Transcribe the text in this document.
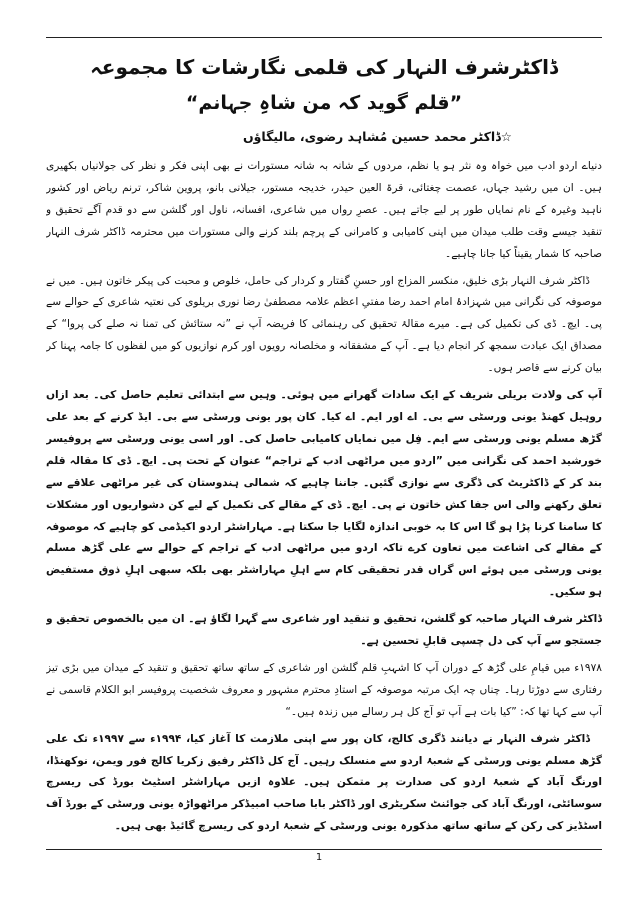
ڈاکٹرشرف النہار کی قلمی نگارشات کا مجموعہ
”قلم گوید کہ من شاہِ جہانم“
☆ڈاکٹر محمد حسین مُشاہد رضوی، مالیگاؤں

دنیاے اردو ادب میں خواہ وہ نثر ہو یا نظم، مردوں کے شانہ بہ شانہ مستورات نے بھی اپنی فکر و نظر کی جولانیاں بکھیری ہیں۔ ان میں رشید جہاں، عصمت چغتائی، قرۃ العین حیدر، خدیجہ مستور، جیلانی بانو، پروین شاکر، ترنم ریاض اور کشور ناہید وغیرہ کے نام نمایاں طور پر لیے جاتے ہیں۔ عصرِ رواں میں شاعری، افسانہ، ناول اور گلشن سے دو قدم آگے تحقیق و تنقید جیسے وقت طلب میدان میں اپنی کامیابی و کامرانی کے پرچم بلند کرنے والی مستورات میں محترمہ ڈاکٹر شرف النہار صاحبہ کا شمار یقیناً کیا جانا چاہیے۔

ڈاکٹر شرف النہار بڑی خلیق، منکسر المزاج اور حسنِ گفتار و کردار کی حامل، خلوص و محبت کی پیکر خاتون ہیں۔ میں نے موصوفہ کی نگرانی میں شہزادۂ امام احمد رضا مفتیِ اعظم علامہ مصطفیٰ رضا نوری بریلوی کی نعتیہ شاعری کے حوالے سے پی۔ ایچ۔ ڈی کی تکمیل کی ہے۔ میرے مقالۂ تحقیق کی رہنمائی کا فریضہ آپ نے ”نہ ستائش کی تمنا نہ صلے کی پروا“ کے مصداق ایک عبادت سمجھ کر انجام دیا ہے۔ آپ کے مشفقانہ و مخلصانہ رویوں اور کرم نوازیوں کو میں لفظوں کا جامہ پہنا کر بیان کرنے سے قاصر ہوں۔

آپ کی ولادت بریلی شریف کے ایک سادات گھرانے میں ہوئی۔ وہیں سے ابتدائی تعلیم حاصل کی۔ بعد ازاں روہیل کھنڈ یونی ورسٹی سے بی۔ اے اور ایم۔ اے کیا۔ کان پور یونی ورسٹی سے بی۔ ایڈ کرنے کے بعد علی گڑھ مسلم یونی ورسٹی سے ایم۔ فِل میں نمایاں کامیابی حاصل کی۔ اور اسی یونی ورسٹی سے پروفیسر خورشید احمد کی نگرانی میں ”اردو میں مراٹھی ادب کے تراجم“ عنوان کے تحت پی۔ ایچ۔ ڈی کا مقالہ قلم بند کر کے ڈاکٹریٹ کی ڈگری سے نوازی گئیں۔ جاننا چاہیے کہ شمالی ہندوستان کی غیر مراٹھی علاقے سے تعلق رکھنے والی اس جفا کش خاتون نے پی۔ ایچ۔ ڈی کے مقالے کی تکمیل کے لیے کن دشواریوں اور مشکلات کا سامنا کرنا پڑا ہو گا اس کا بہ خوبی اندازہ لگایا جا سکتا ہے۔ مہاراشٹر اردو اکیڈمی کو چاہیے کہ موصوفہ کے مقالے کی اشاعت میں تعاون کرے تاکہ اردو میں مراٹھی ادب کے تراجم کے حوالے سے علی گڑھ مسلم یونی ورسٹی میں ہوئے اس گراں قدر تحقیقی کام سے اہلِ مہاراشٹر بھی بلکہ سبھی اہلِ ذوق مستفیض ہو سکیں۔

ڈاکٹر شرف النہار صاحبہ کو گلشن، تحقیق و تنقید اور شاعری سے گہرا لگاؤ ہے۔ ان میں بالخصوص تحقیق و جستجو سے آپ کی دل چسپی قابلِ تحسین ہے۔

۱۹۷۸ء میں قیامِ علی گڑھ کے دوران آپ کا اشہبِ قلم گلشن اور شاعری کے ساتھ ساتھ تحقیق و تنقید کے میدان میں بڑی تیز رفتاری سے دوڑتا رہا۔ چناں چہ ایک مرتبہ موصوفہ کے استادِ محترم مشہور و معروف شخصیت پروفیسر ابو الکلام قاسمی نے آپ سے کہا تھا کہ: ”کیا بات ہے آپ تو آج کل ہر رسالے میں زندہ ہیں۔“

ڈاکٹر شرف النہار نے دیانند ڈگری کالج، کان پور سے اپنی ملازمت کا آغاز کیا، ۱۹۹۴ء سے ۱۹۹۷ء تک علی گڑھ مسلم یونی ورسٹی کے شعبۂ اردو سے منسلک رہیں۔ آج کل ڈاکٹر رفیق زکریا کالج فور ویمن، نوکھنڈا، اورنگ آباد کے شعبۂ اردو کی صدارت پر متمکن ہیں۔ علاوہ ازیں مہاراشٹر اسٹیٹ بورڈ کی ریسرچ سوسائٹی، اورنگ آباد کی جوائنٹ سکریٹری اور ڈاکٹر بابا صاحب امبیڈکر مراٹھواڑہ یونی ورسٹی کے بورڈ آف اسٹڈیز کی رکن کے ساتھ ساتھ مذکورہ یونی ورسٹی کے شعبۂ اردو کی ریسرچ گائیڈ بھی ہیں۔

1
